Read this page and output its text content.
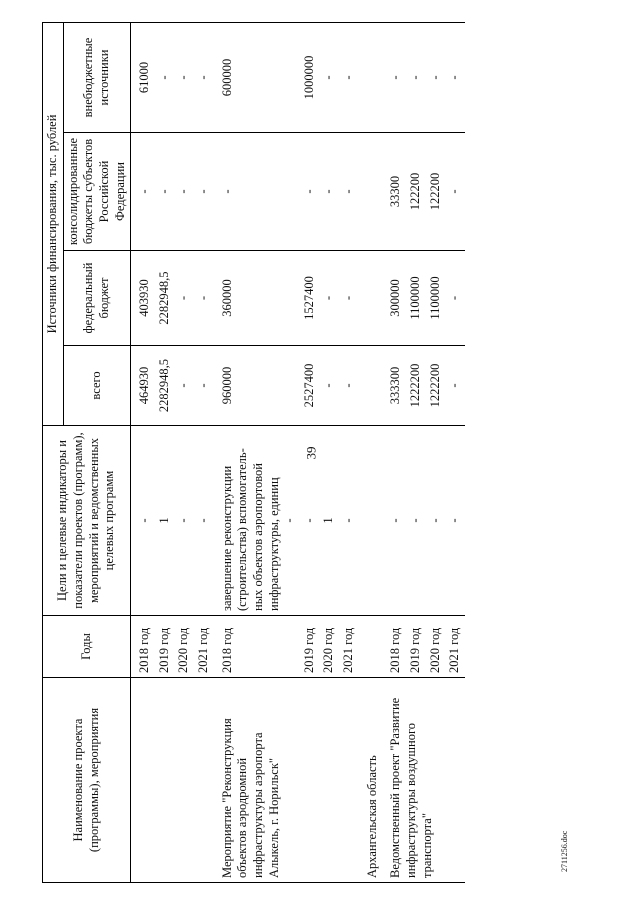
39
2711256.doc
Наименование проекта (программы), мероприятия	Годы	Цели и целевые индикаторы и показатели проектов (программ), мероприятий и ведомственных целевых программ	Источники финансирования, тыс. рублей			
			всего	федеральный бюджет	консолидированные бюджеты субъектов Российской Федерации	внебюджетные источники

	2018 год	-	464930	403930	-	61000
	2019 год	1	2282948,5	2282948,5	-	-
	2020 год	-	-	-	-	-
	2021 год	-	-	-	-	-

Мероприятие "Реконструкция объектов аэродромной инфраструктуры аэропорта Алыкель, г. Норильск"	2018 год	завершение реконструкции (строительства) вспомогатель-ных объектов аэропортовой инфраструктуры, единиц -	960000	360000	-	600000
	2019 год	-	2527400	1527400	-	1000000
	2020 год	1	-	-	-	-
	2021 год	-	-	-	-	-

Архангельская область						

Ведомственный проект "Развитие инфраструктуры воздушного транспорта"	2018 год	-	333300	300000	33300	-
	2019 год	-	1222200	1100000	122200	-
	2020 год	-	1222200	1100000	122200	-
	2021 год	-	-	-	-	-
